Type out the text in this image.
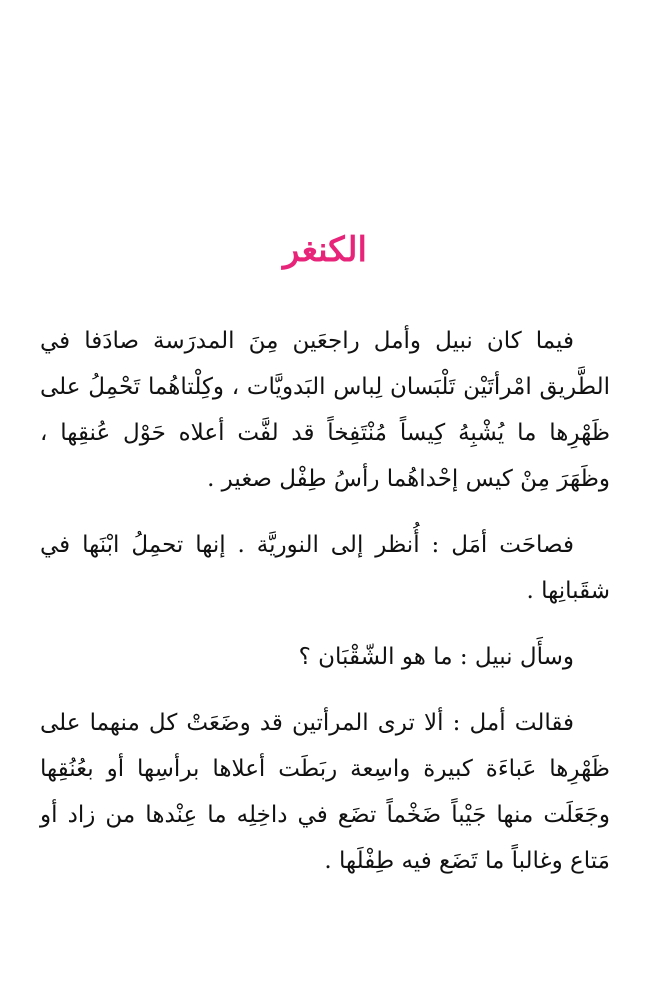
الكنغر

فيما كان نبيل وأمل راجعَين مِنَ المدرَسة صادَفا في الطَّريق امْرأتَيْن تَلْبَسان لِباس البَدويَّات ، وكِلْتاهُما تَحْمِلُ على ظَهْرِها ما يُشْبِهُ كِيساً مُنْتَفِخاً قد لفَّت أعلاه حَوْل عُنقِها ، وظَهَرَ مِنْ كيس إحْداهُما رأسُ طِفْل صغير .

فصاحَت أمَل : أُنظر إلى النوريَّة . إنها تحمِلُ ابْنَها في شقَبانِها .

وسأَل نبيل : ما هو الشّقْبَان ؟

فقالت أمل : ألا ترى المرأتين قد وضَعَتْ كل منهما على ظَهْرِها عَباءَة كبيرة واسِعة ربَطَت أعلاها برأسِها أو بعُنُقِها وجَعَلَت منها جَيْباً ضَخْماً تضَع في داخِلِه ما عِنْدها من زاد أو مَتاع وغالباً ما تَضَع فيه طِفْلَها .
